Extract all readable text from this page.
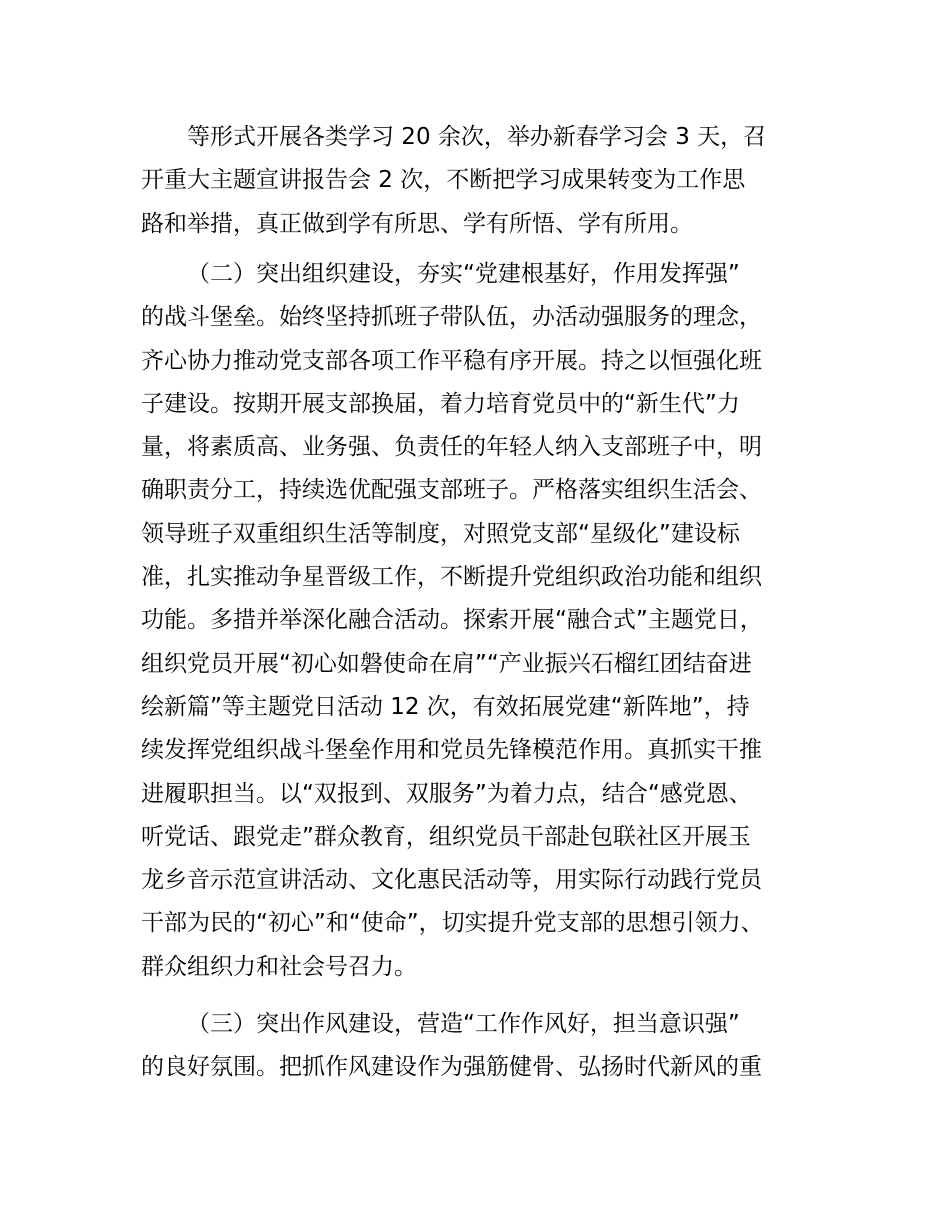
等形式开展各类学习 20 余次，举办新春学习会 3 天，召
开重大主题宣讲报告会 2 次，不断把学习成果转变为工作思
路和举措，真正做到学有所思、学有所悟、学有所用。
（二）突出组织建设，夯实“党建根基好，作用发挥强”
的战斗堡垒。始终坚持抓班子带队伍，办活动强服务的理念，
齐心协力推动党支部各项工作平稳有序开展。持之以恒强化班
子建设。按期开展支部换届，着力培育党员中的“新生代”力
量，将素质高、业务强、负责任的年轻人纳入支部班子中，明
确职责分工，持续选优配强支部班子。严格落实组织生活会、
领导班子双重组织生活等制度，对照党支部“星级化”建设标
准，扎实推动争星晋级工作，不断提升党组织政治功能和组织
功能。多措并举深化融合活动。探索开展“融合式”主题党日，
组织党员开展“初心如磐使命在肩”“产业振兴石榴红团结奋进
绘新篇”等主题党日活动 12 次，有效拓展党建“新阵地”，持
续发挥党组织战斗堡垒作用和党员先锋模范作用。真抓实干推
进履职担当。以“双报到、双服务”为着力点，结合“感党恩、
听党话、跟党走”群众教育，组织党员干部赴包联社区开展玉
龙乡音示范宣讲活动、文化惠民活动等，用实际行动践行党员
干部为民的“初心”和“使命”，切实提升党支部的思想引领力、
群众组织力和社会号召力。
（三）突出作风建设，营造“工作作风好，担当意识强”
的良好氛围。把抓作风建设作为强筋健骨、弘扬时代新风的重
